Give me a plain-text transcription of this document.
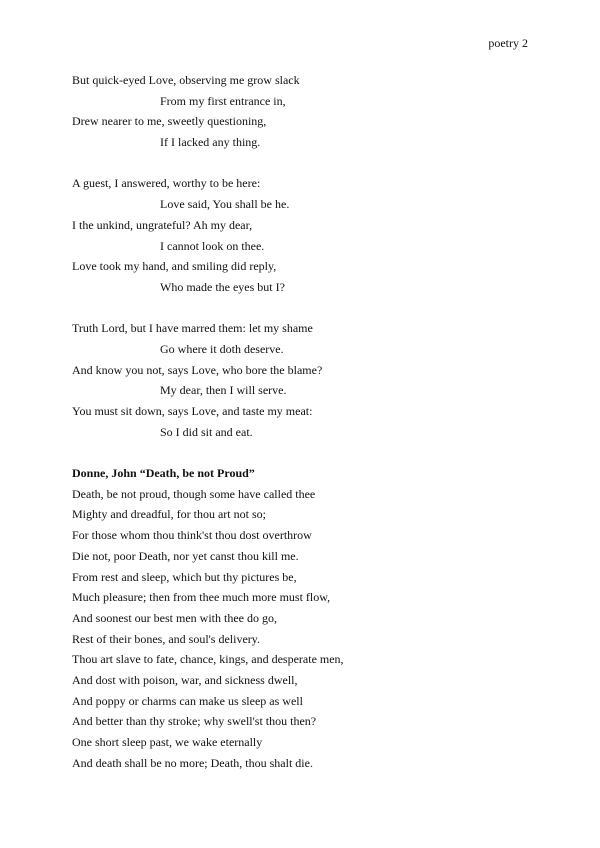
poetry 2
But quick-eyed Love, observing me grow slack
From my first entrance in,
Drew nearer to me, sweetly questioning,
If I lacked any thing.
A guest, I answered, worthy to be here:
Love said, You shall be he.
I the unkind, ungrateful? Ah my dear,
I cannot look on thee.
Love took my hand, and smiling did reply,
Who made the eyes but I?
Truth Lord, but I have marred them: let my shame
Go where it doth deserve.
And know you not, says Love, who bore the blame?
My dear, then I will serve.
You must sit down, says Love, and taste my meat:
So I did sit and eat.
Donne, John “Death, be not Proud”
Death, be not proud, though some have called thee
Mighty and dreadful, for thou art not so;
For those whom thou think'st thou dost overthrow
Die not, poor Death, nor yet canst thou kill me.
From rest and sleep, which but thy pictures be,
Much pleasure; then from thee much more must flow,
And soonest our best men with thee do go,
Rest of their bones, and soul's delivery.
Thou art slave to fate, chance, kings, and desperate men,
And dost with poison, war, and sickness dwell,
And poppy or charms can make us sleep as well
And better than thy stroke; why swell'st thou then?
One short sleep past, we wake eternally
And death shall be no more; Death, thou shalt die.
